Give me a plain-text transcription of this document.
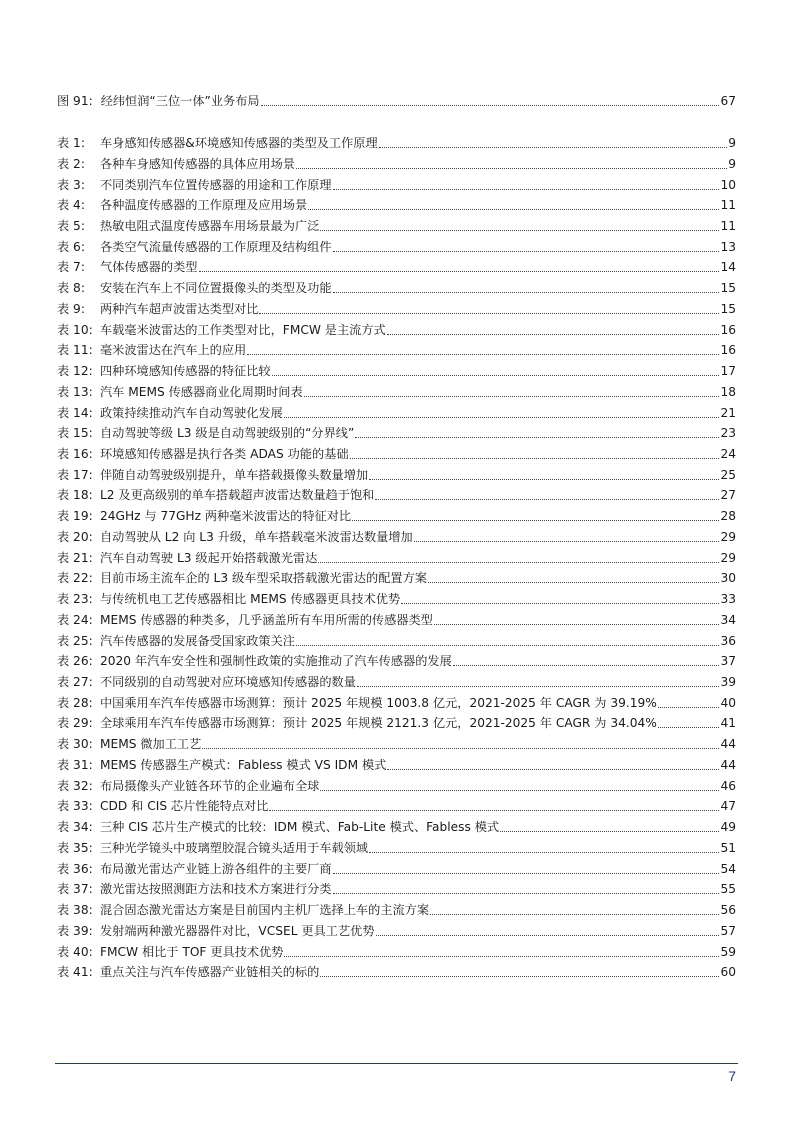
图 91: 经纬恒润“三位一体”业务布局	67
表 1:	车身感知传感器&环境感知传感器的类型及工作原理	9
表 2:	各种车身感知传感器的具体应用场景	9
表 3:	不同类别汽车位置传感器的用途和工作原理	10
表 4:	各种温度传感器的工作原理及应用场景	11
表 5:	热敏电阻式温度传感器车用场景最为广泛	11
表 6:	各类空气流量传感器的工作原理及结构组件	13
表 7:	气体传感器的类型	14
表 8:	安装在汽车上不同位置摄像头的类型及功能	15
表 9:	两种汽车超声波雷达类型对比	15
表 10: 车载毫米波雷达的工作类型对比，FMCW 是主流方式	16
表 11: 毫米波雷达在汽车上的应用	16
表 12: 四种环境感知传感器的特征比较	17
表 13: 汽车 MEMS 传感器商业化周期时间表	18
表 14: 政策持续推动汽车自动驾驶化发展	21
表 15: 自动驾驶等级 L3 级是自动驾驶级别的“分界线”	23
表 16: 环境感知传感器是执行各类 ADAS 功能的基础	24
表 17: 伴随自动驾驶级别提升，单车搭载摄像头数量增加	25
表 18: L2 及更高级别的单车搭载超声波雷达数量趋于饱和	27
表 19: 24GHz 与 77GHz 两种毫米波雷达的特征对比	28
表 20: 自动驾驶从 L2 向 L3 升级，单车搭载毫米波雷达数量增加	29
表 21: 汽车自动驾驶 L3 级起开始搭载激光雷达	29
表 22: 目前市场主流车企的 L3 级车型采取搭载激光雷达的配置方案	30
表 23: 与传统机电工艺传感器相比 MEMS 传感器更具技术优势	33
表 24: MEMS 传感器的种类多，几乎涵盖所有车用所需的传感器类型	34
表 25: 汽车传感器的发展备受国家政策关注	36
表 26: 2020 年汽车安全性和强制性政策的实施推动了汽车传感器的发展	37
表 27: 不同级别的自动驾驶对应环境感知传感器的数量	39
表 28: 中国乘用车汽车传感器市场测算：预计 2025 年规模 1003.8 亿元，2021-2025 年 CAGR 为 39.19%	40
表 29: 全球乘用车汽车传感器市场测算：预计 2025 年规模 2121.3 亿元，2021-2025 年 CAGR 为 34.04%	41
表 30: MEMS 微加工工艺	44
表 31: MEMS 传感器生产模式：Fabless 模式 VS IDM 模式	44
表 32: 布局摄像头产业链各环节的企业遍布全球	46
表 33: CDD 和 CIS 芯片性能特点对比	47
表 34: 三种 CIS 芯片生产模式的比较：IDM 模式、Fab-Lite 模式、Fabless 模式	49
表 35: 三种光学镜头中玻璃塑胶混合镜头适用于车载领域	51
表 36: 布局激光雷达产业链上游各组件的主要厂商	54
表 37: 激光雷达按照测距方法和技术方案进行分类	55
表 38: 混合固态激光雷达方案是目前国内主机厂选择上车的主流方案	56
表 39: 发射端两种激光器器件对比，VCSEL 更具工艺优势	57
表 40: FMCW 相比于 TOF 更具技术优势	59
表 41: 重点关注与汽车传感器产业链相关的标的	60
7
